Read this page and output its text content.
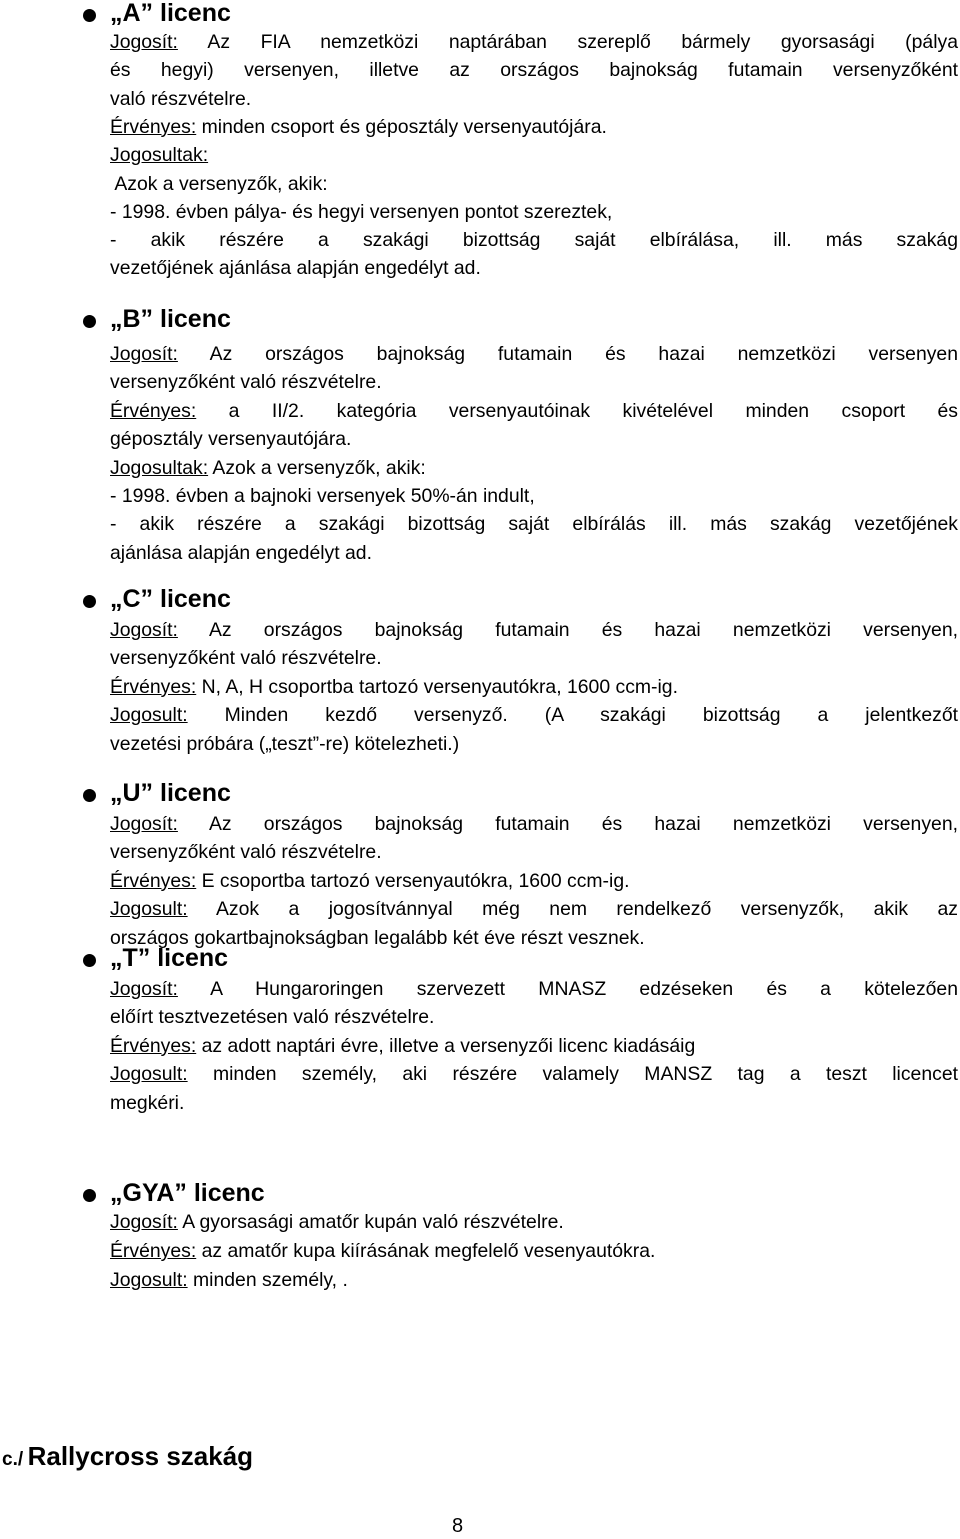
c./ Rallycross szakág
8
„A” licenc
Jogosít: Az FIA nemzetközi naptárában szereplő bármely gyorsasági (pálya
és hegyi) versenyen, illetve az országos bajnokság futamain versenyzőként
való részvételre.
Érvényes: minden csoport és géposztály versenyautójára.
Jogosultak:
Azok a versenyzők, akik:
- 1998. évben pálya- és hegyi versenyen pontot szereztek,
- akik részére a szakági bizottság saját elbírálása, ill. más szakág
vezetőjének ajánlása alapján engedélyt ad.
„B” licenc
Jogosít: Az országos bajnokság futamain és hazai nemzetközi versenyen
versenyzőként való részvételre.
Érvényes: a II/2. kategória versenyautóinak kivételével minden csoport és
géposztály versenyautójára.
Jogosultak: Azok a versenyzők, akik:
- 1998. évben a bajnoki versenyek 50%-án indult,
- akik részére a szakági bizottság saját elbírálás ill. más szakág vezetőjének
ajánlása alapján engedélyt ad.
„C” licenc
Jogosít: Az országos bajnokság futamain és hazai nemzetközi versenyen,
versenyzőként való részvételre.
Érvényes: N, A, H csoportba tartozó versenyautókra, 1600 ccm-ig.
Jogosult: Minden kezdő versenyző. (A szakági bizottság a jelentkezőt
vezetési próbára („teszt”-re) kötelezheti.)
„U” licenc
Jogosít: Az országos bajnokság futamain és hazai nemzetközi versenyen,
versenyzőként való részvételre.
Érvényes: E csoportba tartozó versenyautókra, 1600 ccm-ig.
Jogosult: Azok a jogosítvánnyal még nem rendelkező versenyzők, akik az
országos gokartbajnokságban legalább két éve részt vesznek.
„T” licenc
Jogosít: A Hungaroringen szervezett MNASZ edzéseken és a kötelezően
előírt tesztvezetésen való részvételre.
Érvényes: az adott naptári évre, illetve a versenyzői licenc kiadásáig
Jogosult: minden személy, aki részére valamely MANSZ tag a teszt licencet
megkéri.
„GYA” licenc
Jogosít: A gyorsasági amatőr kupán való részvételre.
Érvényes: az amatőr kupa kiírásának megfelelő vesenyautókra.
Jogosult: minden személy, .
